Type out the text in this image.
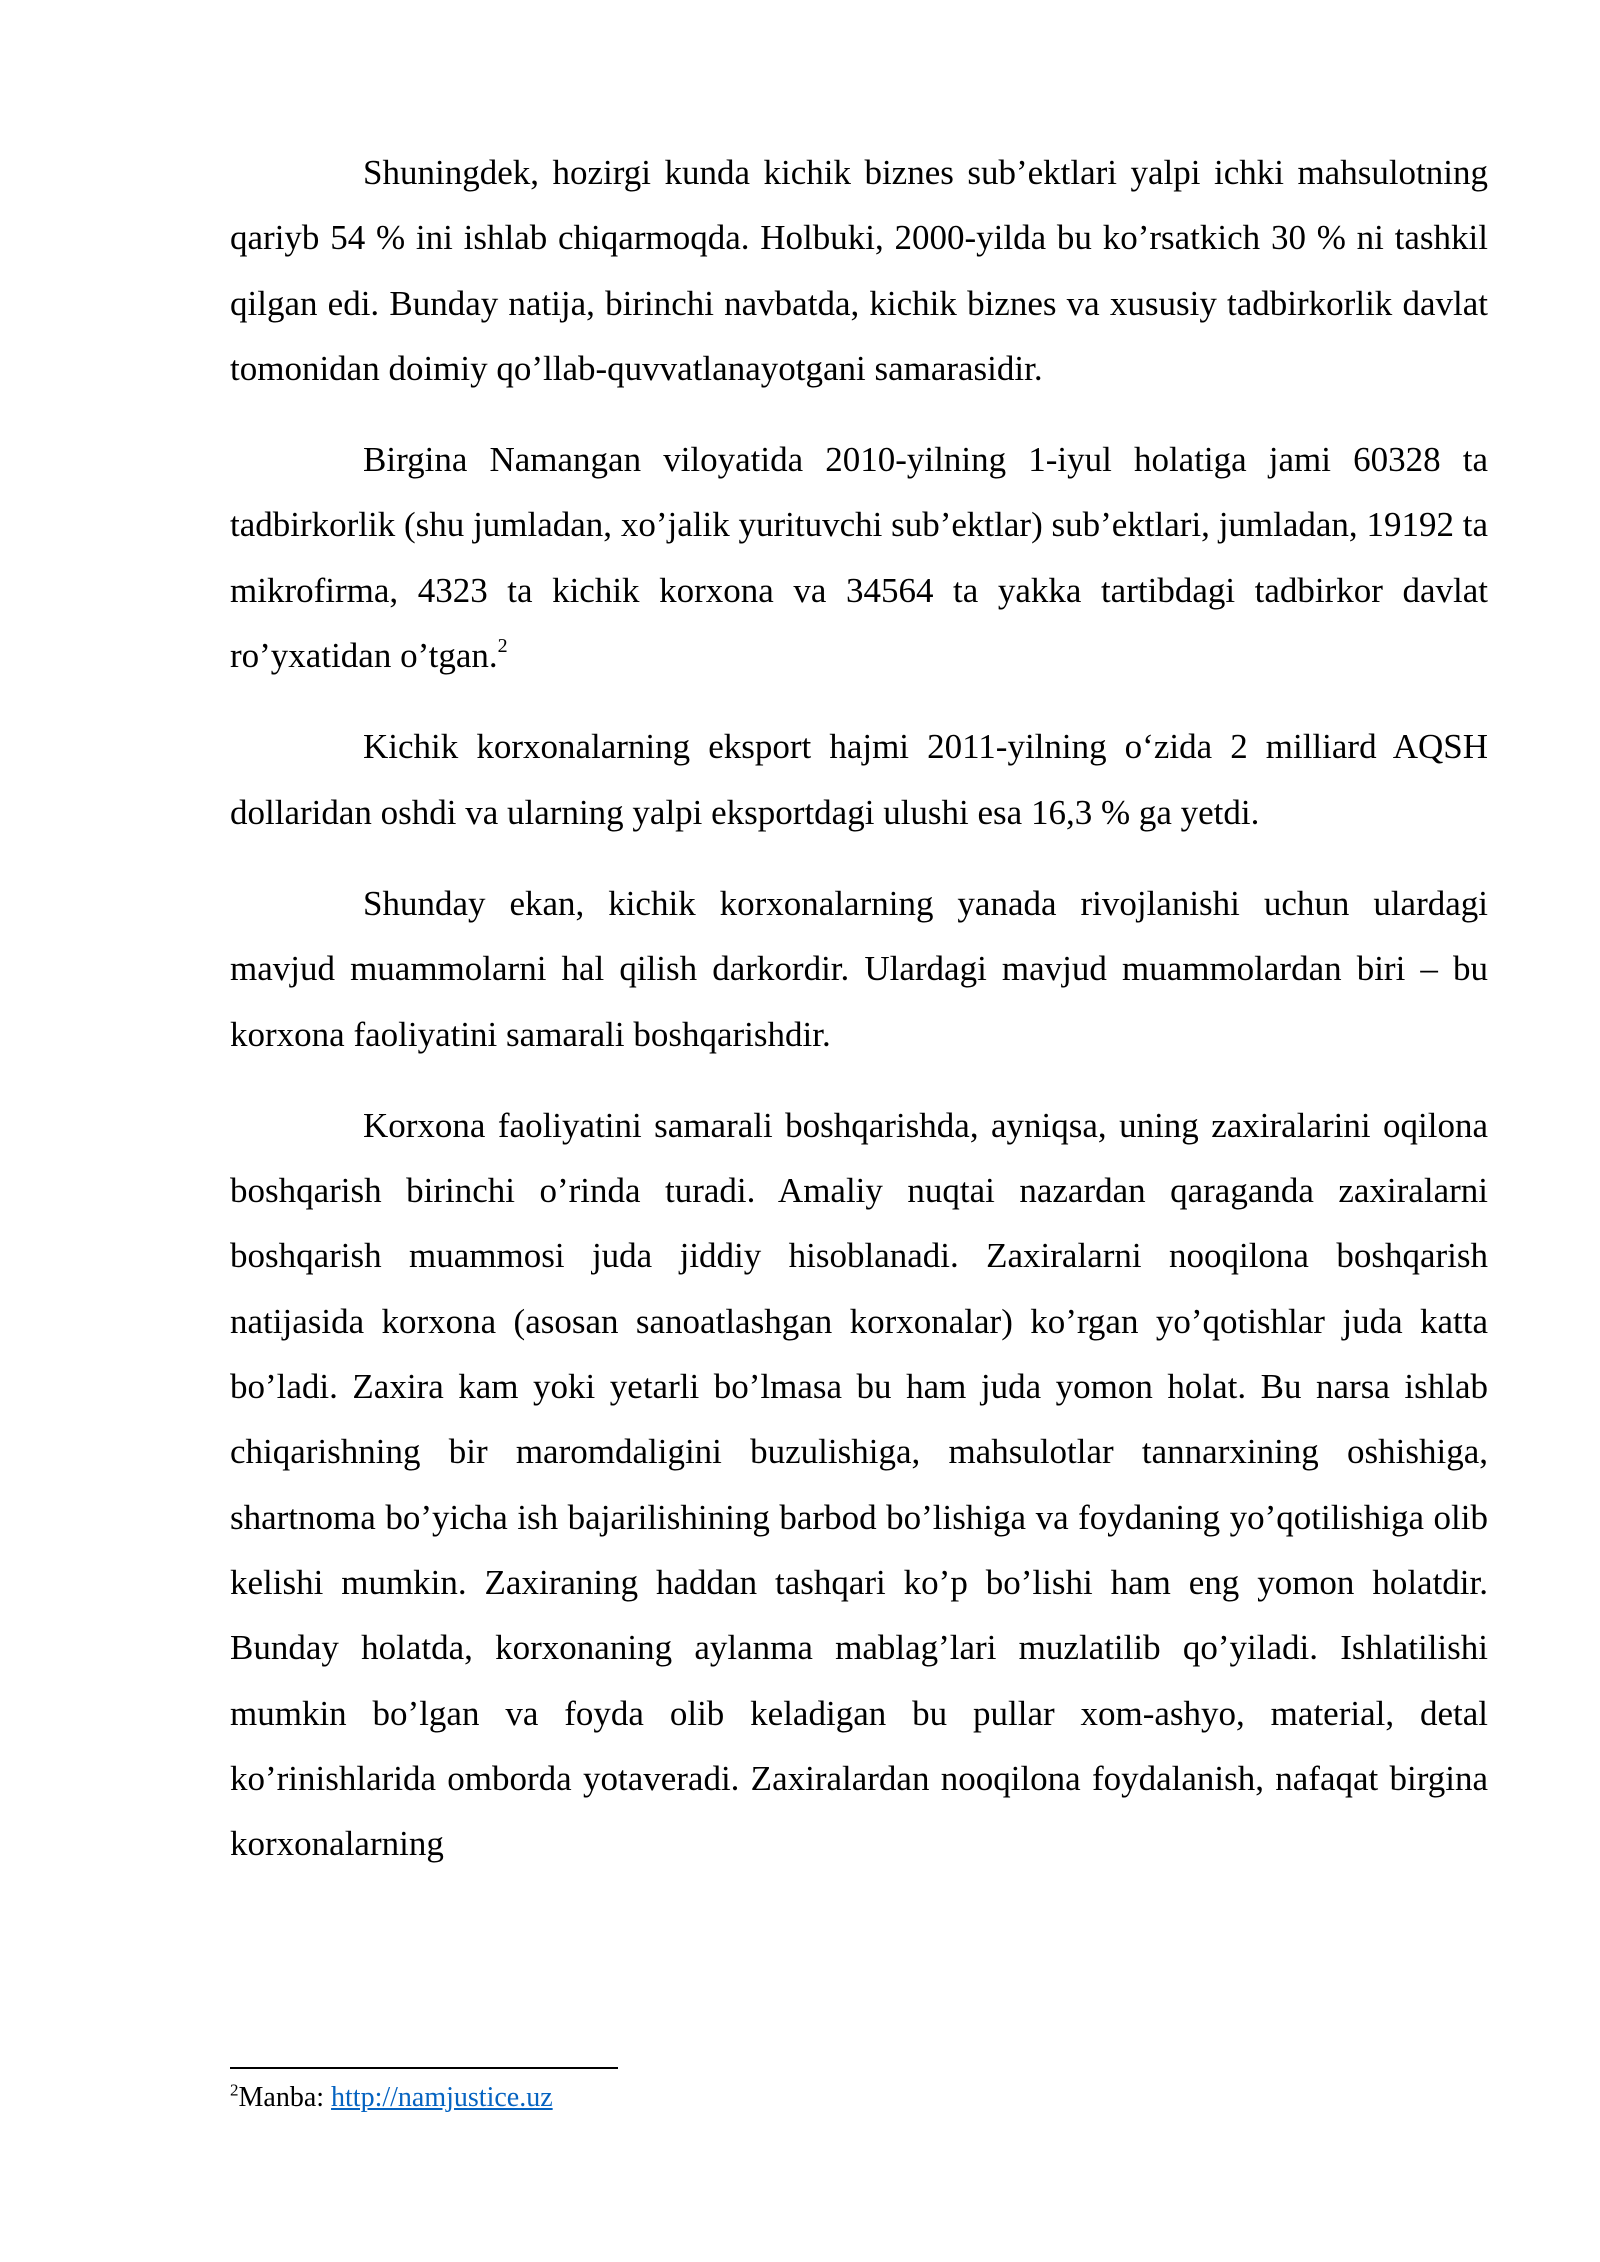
Shuningdek, hozirgi kunda kichik biznes sub’ektlari yalpi ichki mahsulotning qariyb 54 % ini ishlab chiqarmoqda. Holbuki, 2000-yilda bu ko’rsatkich 30 % ni tashkil qilgan edi. Bunday natija, birinchi navbatda, kichik biznes va xususiy tadbirkorlik davlat tomonidan doimiy qo’llab-quvvatlanayotgani samarasidir.

Birgina Namangan viloyatida 2010-yilning 1-iyul holatiga jami 60328 ta tadbirkorlik (shu jumladan, xo’jalik yurituvchi sub’ektlar) sub’ektlari, jumladan, 19192 ta mikrofirma, 4323 ta kichik korxona va 34564 ta yakka tartibdagi tadbirkor davlat ro’yxatidan o’tgan.$^2$

Kichik korxonalarning eksport hajmi 2011-yilning o‘zida 2 milliard AQSH dollaridan oshdi va ularning yalpi eksportdagi ulushi esa 16,3 % ga yetdi.

Shunday ekan, kichik korxonalarning yanada rivojlanishi uchun ulardagi mavjud muammolarni hal qilish darkordir. Ulardagi mavjud muammolardan biri – bu korxona faoliyatini samarali boshqarishdir.

Korxona faoliyatini samarali boshqarishda, ayniqsa, uning zaxiralarini oqilona boshqarish birinchi o’rinda turadi. Amaliy nuqtai nazardan qaraganda zaxiralarni boshqarish muammosi juda jiddiy hisoblanadi. Zaxiralarni nooqilona boshqarish natijasida korxona (asosan sanoatlashgan korxonalar) ko’rgan yo’qotishlar juda katta bo’ladi. Zaxira kam yoki yetarli bo’lmasa bu ham juda yomon holat. Bu narsa ishlab chiqarishning bir maromdaligini buzulishiga, mahsulotlar tannarxining oshishiga, shartnoma bo’yicha ish bajarilishining barbod bo’lishiga va foydaning yo’qotilishiga olib kelishi mumkin. Zaxiraning haddan tashqari ko’p bo’lishi ham eng yomon holatdir. Bunday holatda, korxonaning aylanma mablag’lari muzlatilib qo’yiladi. Ishlatilishi mumkin bo’lgan va foyda olib keladigan bu pullar xom-ashyo, material, detal ko’rinishlarida omborda yotaveradi. Zaxiralardan nooqilona foydalanish, nafaqat birgina korxonalarning

$^2$Manba: http://namjustice.uz
